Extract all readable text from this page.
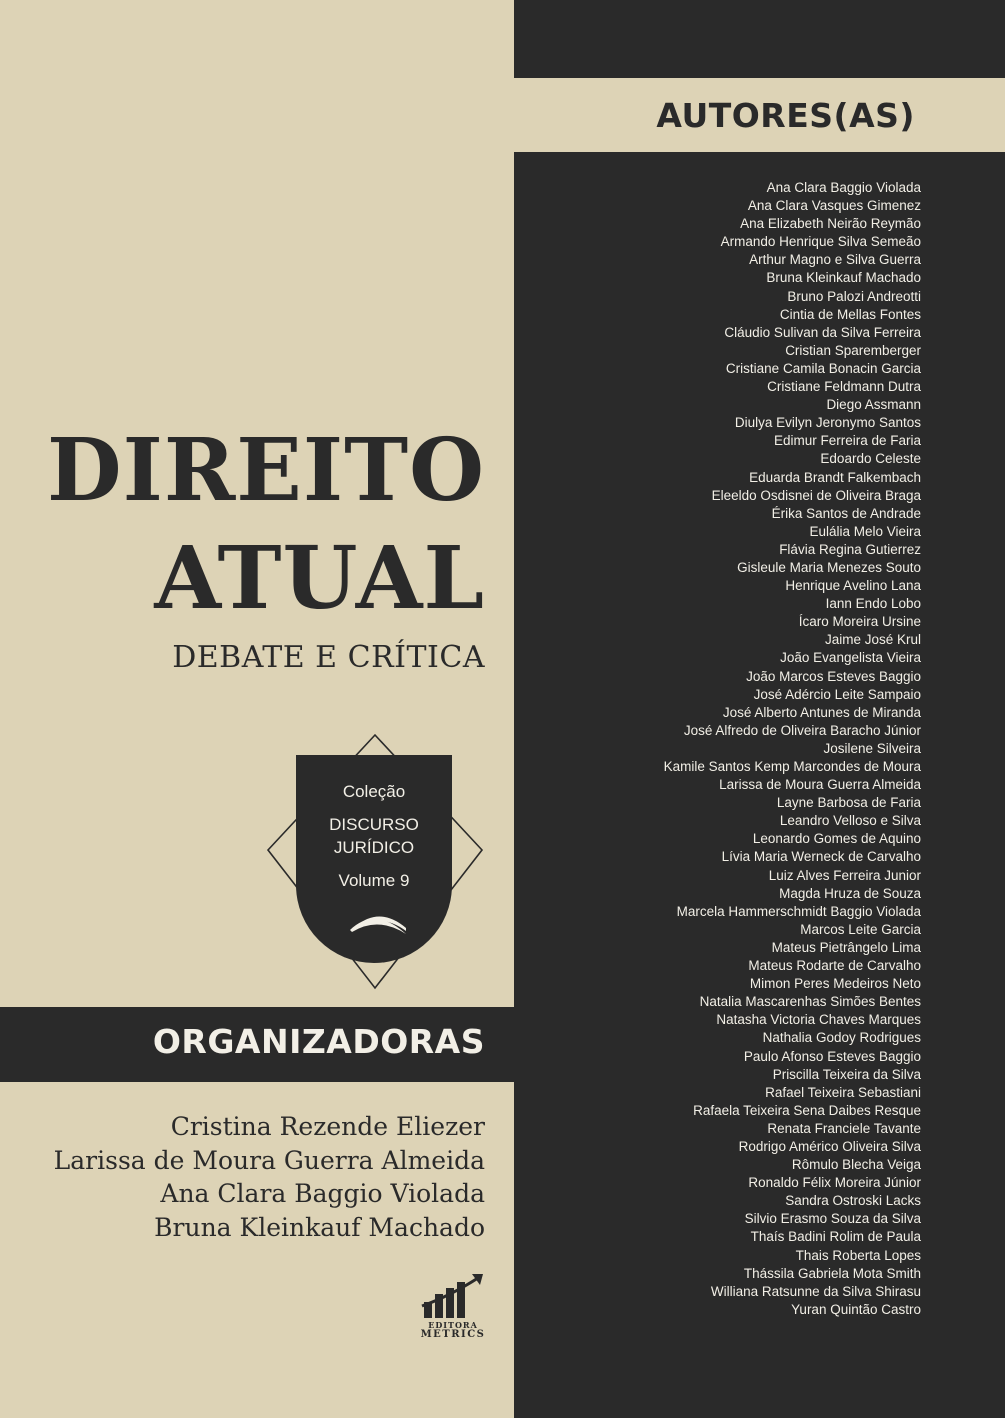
AUTORES(AS)
Ana Clara Baggio Violada
Ana Clara Vasques Gimenez
Ana Elizabeth Neirão Reymão
Armando Henrique Silva Semeão
Arthur Magno e Silva Guerra
Bruna Kleinkauf Machado
Bruno Palozi Andreotti
Cintia de Mellas Fontes
Cláudio Sulivan da Silva Ferreira
Cristian Sparemberger
Cristiane Camila Bonacin Garcia
Cristiane Feldmann Dutra
Diego Assmann
Diulya Evilyn Jeronymo Santos
Edimur Ferreira de Faria
Edoardo Celeste
Eduarda Brandt Falkembach
Eleeldo Osdisnei de Oliveira Braga
Érika Santos de Andrade
Eulália Melo Vieira
Flávia Regina Gutierrez
Gisleule Maria Menezes Souto
Henrique Avelino Lana
Iann Endo Lobo
Ícaro Moreira Ursine
Jaime José Krul
João Evangelista Vieira
João Marcos Esteves Baggio
José Adércio Leite Sampaio
José Alberto Antunes de Miranda
José Alfredo de Oliveira Baracho Júnior
Josilene Silveira
Kamile Santos Kemp Marcondes de Moura
Larissa de Moura Guerra Almeida
Layne Barbosa de Faria
Leandro Velloso e Silva
Leonardo Gomes de Aquino
Lívia Maria Werneck de Carvalho
Luiz Alves Ferreira Junior
Magda Hruza de Souza
Marcela Hammerschmidt Baggio Violada
Marcos Leite Garcia
Mateus Pietrângelo Lima
Mateus Rodarte de Carvalho
Mimon Peres Medeiros Neto
Natalia Mascarenhas Simões Bentes
Natasha Victoria Chaves Marques
Nathalia Godoy Rodrigues
Paulo Afonso Esteves Baggio
Priscilla Teixeira da Silva
Rafael Teixeira Sebastiani
Rafaela Teixeira Sena Daibes Resque
Renata Franciele Tavante
Rodrigo Américo Oliveira Silva
Rômulo Blecha Veiga
Ronaldo Félix Moreira Júnior
Sandra Ostroski Lacks
Silvio Erasmo Souza da Silva
Thaís Badini Rolim de Paula
Thais Roberta Lopes
Thássila Gabriela Mota Smith
Williana Ratsunne da Silva Shirasu
Yuran Quintão Castro
DIREITO
ATUAL
DEBATE E CRÍTICA
Coleção
DISCURSO
JURÍDICO
Volume 9
ORGANIZADORAS
Cristina Rezende Eliezer
Larissa de Moura Guerra Almeida
Ana Clara Baggio Violada
Bruna Kleinkauf Machado
EDITORA
METRICS
